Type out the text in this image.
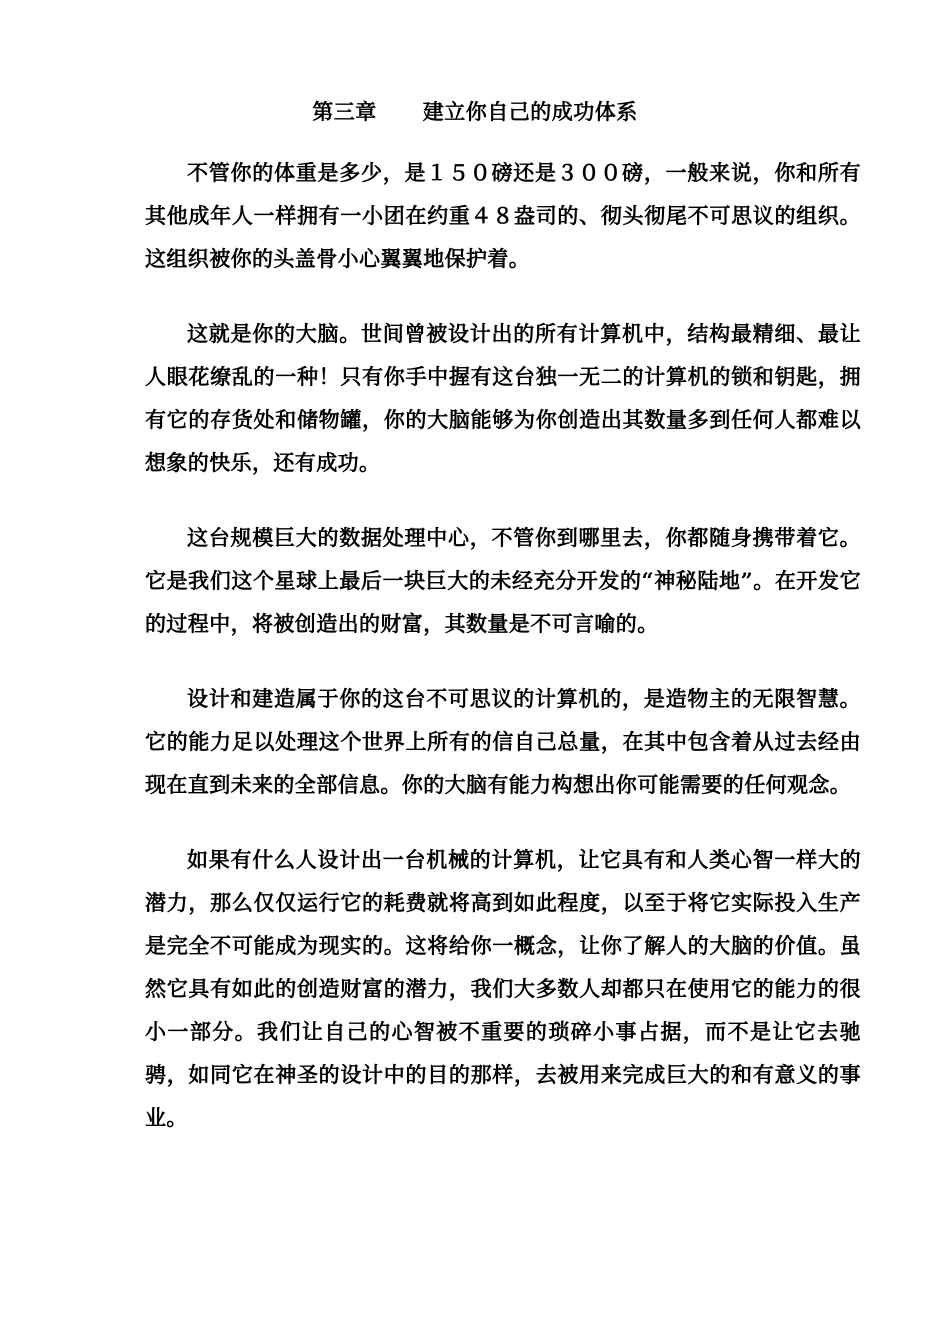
第三章 建立你自己的成功体系

不管你的体重是多少，是１５０磅还是３００磅，一般来说，你和所有其他成年人一样拥有一小团在约重４８盎司的、彻头彻尾不可思议的组织。这组织被你的头盖骨小心翼翼地保护着。

这就是你的大脑。世间曾被设计出的所有计算机中，结构最精细、最让人眼花缭乱的一种！只有你手中握有这台独一无二的计算机的锁和钥匙，拥有它的存货处和储物罐，你的大脑能够为你创造出其数量多到任何人都难以想象的快乐，还有成功。

这台规模巨大的数据处理中心，不管你到哪里去，你都随身携带着它。它是我们这个星球上最后一块巨大的未经充分开发的“神秘陆地”。在开发它的过程中，将被创造出的财富，其数量是不可言喻的。

设计和建造属于你的这台不可思议的计算机的，是造物主的无限智慧。它的能力足以处理这个世界上所有的信自己总量，在其中包含着从过去经由现在直到未来的全部信息。你的大脑有能力构想出你可能需要的任何观念。

如果有什么人设计出一台机械的计算机，让它具有和人类心智一样大的潜力，那么仅仅运行它的耗费就将高到如此程度，以至于将它实际投入生产是完全不可能成为现实的。这将给你一概念，让你了解人的大脑的价值。虽然它具有如此的创造财富的潜力，我们大多数人却都只在使用它的能力的很小一部分。我们让自己的心智被不重要的琐碎小事占据，而不是让它去驰骋，如同它在神圣的设计中的目的那样，去被用来完成巨大的和有意义的事业。
